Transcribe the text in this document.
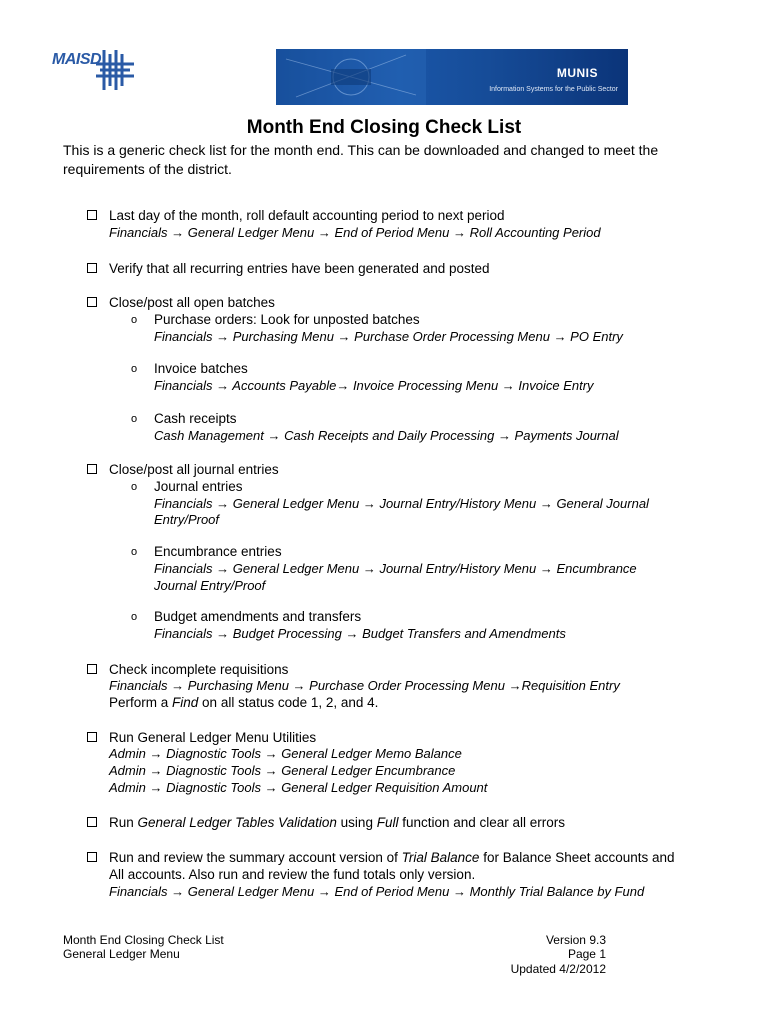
MAISD
MUNIS
Information Systems for the Public Sector
Month End Closing Check List
This is a generic check list for the month end. This can be downloaded and changed to meet the requirements of the district.
Last day of the month, roll default accounting period to next period
Financials → General Ledger Menu → End of Period Menu → Roll Accounting Period
Verify that all recurring entries have been generated and posted
Close/post all open batches
o Purchase orders: Look for unposted batches
Financials → Purchasing Menu → Purchase Order Processing Menu → PO Entry
o Invoice batches
Financials → Accounts Payable→ Invoice Processing Menu → Invoice Entry
o Cash receipts
Cash Management → Cash Receipts and Daily Processing → Payments Journal
Close/post all journal entries
o Journal entries
Financials → General Ledger Menu → Journal Entry/History Menu → General Journal
Entry/Proof
o Encumbrance entries
Financials → General Ledger Menu → Journal Entry/History Menu → Encumbrance
Journal Entry/Proof
o Budget amendments and transfers
Financials → Budget Processing → Budget Transfers and Amendments
Check incomplete requisitions
Financials → Purchasing Menu → Purchase Order Processing Menu →Requisition Entry
Perform a Find on all status code 1, 2, and 4.
Run General Ledger Menu Utilities
Admin → Diagnostic Tools → General Ledger Memo Balance
Admin → Diagnostic Tools → General Ledger Encumbrance
Admin → Diagnostic Tools → General Ledger Requisition Amount
Run General Ledger Tables Validation using Full function and clear all errors
Run and review the summary account version of Trial Balance for Balance Sheet accounts and
All accounts. Also run and review the fund totals only version.
Financials → General Ledger Menu → End of Period Menu → Monthly Trial Balance by Fund
Month End Closing Check List
General Ledger Menu
Version 9.3
Page 1
Updated 4/2/2012
